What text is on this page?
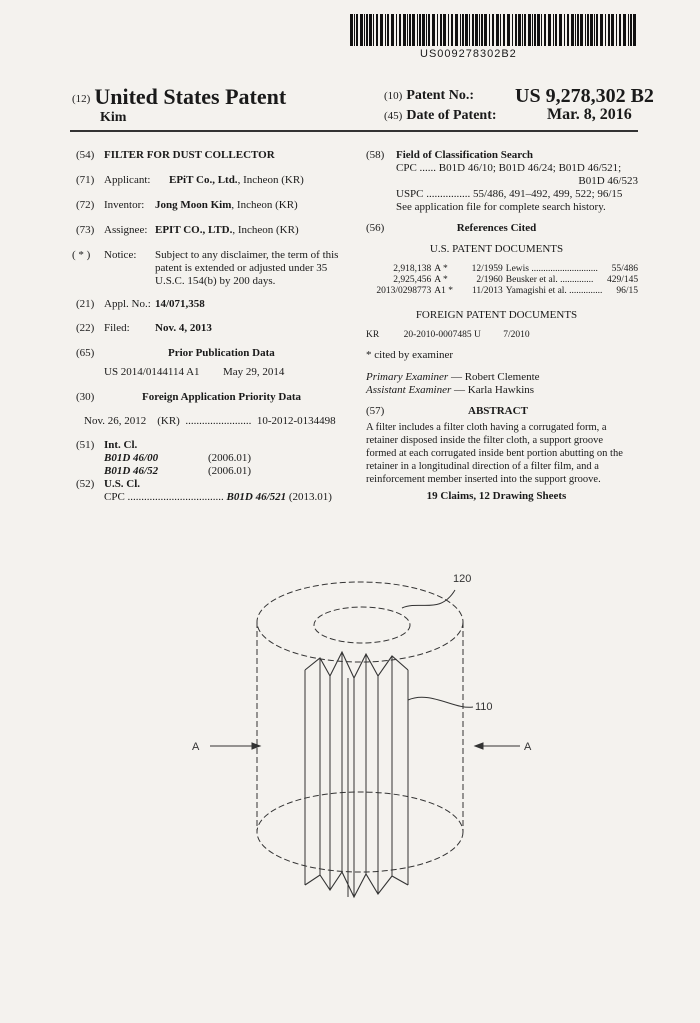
US009278302B2
(12) United States Patent
Kim
(10) Patent No.: US 9,278,302 B2
(45) Date of Patent:	Mar. 8, 2016
(54) FILTER FOR DUST COLLECTOR
(71) Applicant: EPiT Co., Ltd., Incheon (KR)
(72) Inventor: Jong Moon Kim, Incheon (KR)
(73) Assignee: EPIT CO., LTD., Incheon (KR)
( * ) Notice: Subject to any disclaimer, the term of this
patent is extended or adjusted under 35
U.S.C. 154(b) by 200 days.
(21) Appl. No.: 14/071,358
(22) Filed: Nov. 4, 2013
(65)	Prior Publication Data
US 2014/0144114 A1 May 29, 2014
(30)	Foreign Application Priority Data
Nov. 26, 2012 (KR) ........................ 10-2012-0134498
(51) Int. Cl.
B01D 46/00	(2006.01)
B01D 46/52	(2006.01)
(52) U.S. Cl.
CPC ................................... B01D 46/521 (2013.01)
(58) Field of Classification Search
CPC ...... B01D 46/10; B01D 46/24; B01D 46/521;
B01D 46/523
USPC ................ 55/486, 491–492, 499, 522; 96/15
See application file for complete search history.
(56)	References Cited
U.S. PATENT DOCUMENTS
2,918,138 A *	12/1959 Lewis ............................	55/486
2,925,456 A *	2/1960 Beusker et al. ..............	429/145
2013/0298773 A1 *	11/2013 Yamagishi et al. ..............	96/15
FOREIGN PATENT DOCUMENTS
KR	20-2010-0007485 U 7/2010
* cited by examiner
Primary Examiner — Robert Clemente
Assistant Examiner — Karla Hawkins
(57)	ABSTRACT
A filter includes a filter cloth having a corrugated form, a
retainer disposed inside the filter cloth, a support groove
formed at each corrugated inside bent portion abutting on the
retainer in a longitudinal direction of a filter film, and a
reinforcement member inserted into the support groove.
19 Claims, 12 Drawing Sheets
120
110
A	A
